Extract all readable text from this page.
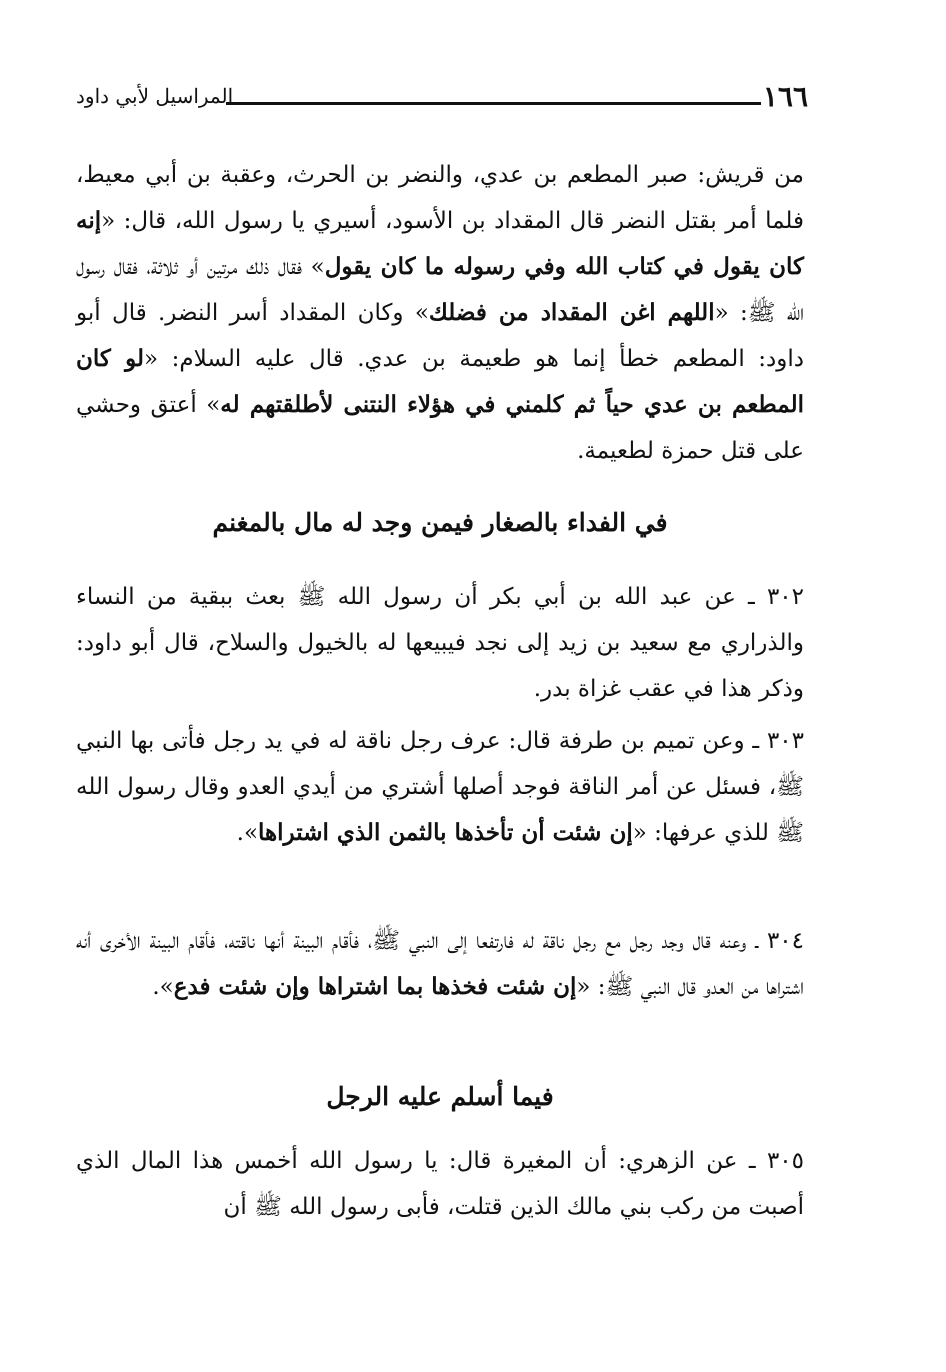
١٦٦
المراسيل لأبي داود

من قريش: صبر المطعم بن عدي، والنضر بن الحرث، وعقبة بن أبي معيط، فلما أمر بقتل النضر قال المقداد بن الأسود، أسيري يا رسول الله، قال: «إنه كان يقول في كتاب الله وفي رسوله ما كان يقول» فقال ذلك مرتين أو ثلاثة، فقال رسول الله ﷺ: «اللهم اغن المقداد من فضلك» وكان المقداد أسر النضر. قال أبو داود: المطعم خطأ إنما هو طعيمة بن عدي. قال عليه السلام: «لو كان المطعم بن عدي حياً ثم كلمني في هؤلاء النتنى لأطلقتهم له» أعتق وحشي على قتل حمزة لطعيمة.

في الفداء بالصغار فيمن وجد له مال بالمغنم

٣٠٢ ـ عن عبد الله بن أبي بكر أن رسول الله ﷺ بعث ببقية من النساء والذراري مع سعيد بن زيد إلى نجد فيبيعها له بالخيول والسلاح، قال أبو داود: وذكر هذا في عقب غزاة بدر.

٣٠٣ ـ وعن تميم بن طرفة قال: عرف رجل ناقة له في يد رجل فأتى بها النبي ﷺ، فسئل عن أمر الناقة فوجد أصلها أشتري من أيدي العدو وقال رسول الله ﷺ للذي عرفها: «إن شئت أن تأخذها بالثمن الذي اشتراها».

٣٠٤ ـ وعنه قال وجد رجل مع رجل ناقة له فارتفعا إلى النبي ﷺ، فأقام البينة أنها ناقته، فأقام البينة الأخرى أنه اشتراها من العدو قال النبي ﷺ: «إن شئت فخذها بما اشتراها وإن شئت فدع».

فيما أسلم عليه الرجل

٣٠٥ ـ عن الزهري: أن المغيرة قال: يا رسول الله أخمس هذا المال الذي أصبت من ركب بني مالك الذين قتلت، فأبى رسول الله ﷺ أن
